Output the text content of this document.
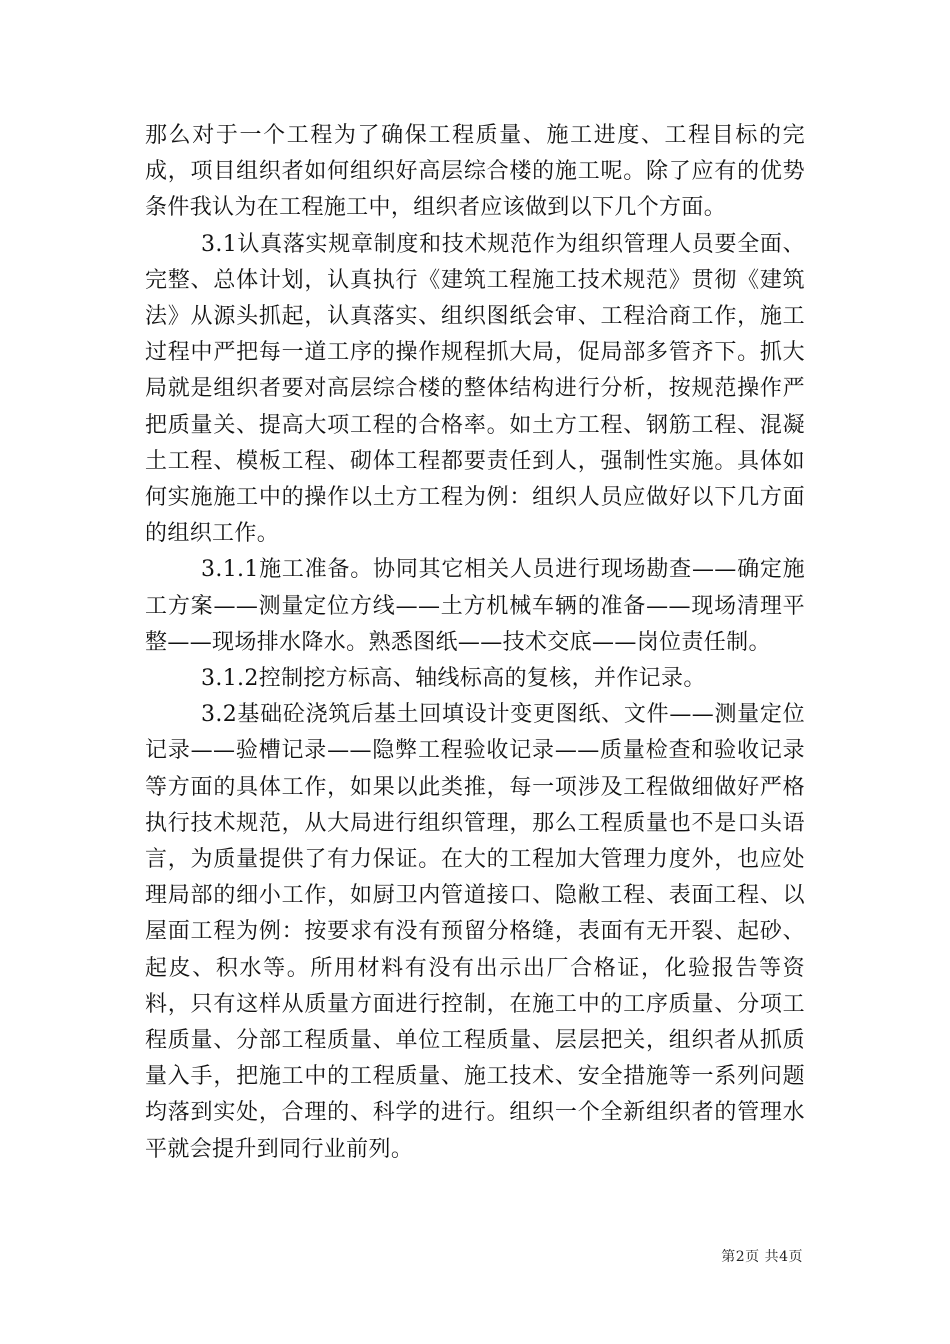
那么对于一个工程为了确保工程质量、施工进度、工程目标的完成，项目组织者如何组织好高层综合楼的施工呢。除了应有的优势条件我认为在工程施工中，组织者应该做到以下几个方面。

3.1认真落实规章制度和技术规范作为组织管理人员要全面、完整、总体计划，认真执行《建筑工程施工技术规范》贯彻《建筑法》从源头抓起，认真落实、组织图纸会审、工程洽商工作，施工过程中严把每一道工序的操作规程抓大局，促局部多管齐下。抓大局就是组织者要对高层综合楼的整体结构进行分析，按规范操作严把质量关、提高大项工程的合格率。如土方工程、钢筋工程、混凝土工程、模板工程、砌体工程都要责任到人，强制性实施。具体如何实施施工中的操作以土方工程为例：组织人员应做好以下几方面的组织工作。

3.1.1施工准备。协同其它相关人员进行现场勘查——确定施工方案——测量定位方线——土方机械车辆的准备——现场清理平整——现场排水降水。熟悉图纸——技术交底——岗位责任制。

3.1.2控制挖方标高、轴线标高的复核，并作记录。

3.2基础砼浇筑后基土回填设计变更图纸、文件——测量定位记录——验槽记录——隐弊工程验收记录——质量检查和验收记录等方面的具体工作，如果以此类推，每一项涉及工程做细做好严格执行技术规范，从大局进行组织管理，那么工程质量也不是口头语言，为质量提供了有力保证。在大的工程加大管理力度外，也应处理局部的细小工作，如厨卫内管道接口、隐敝工程、表面工程、以屋面工程为例：按要求有没有预留分格缝，表面有无开裂、起砂、起皮、积水等。所用材料有没有出示出厂合格证，化验报告等资料，只有这样从质量方面进行控制，在施工中的工序质量、分项工程质量、分部工程质量、单位工程质量、层层把关，组织者从抓质量入手，把施工中的工程质量、施工技术、安全措施等一系列问题均落到实处，合理的、科学的进行。组织一个全新组织者的管理水平就会提升到同行业前列。

第2页 共4页
